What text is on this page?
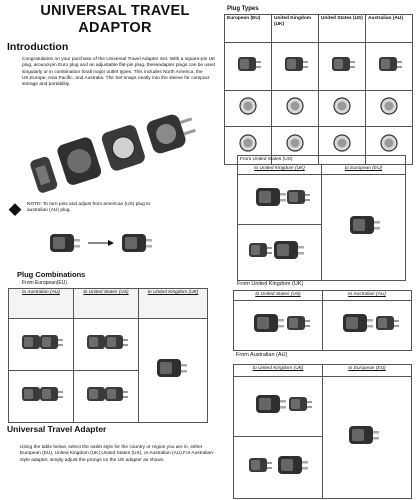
UNIVERSAL TRAVEL ADAPTOR
Introduction
Congratulation on your purchase of the Universal Travel Adapter Set. With a square-pin UK plug, around-pin Euro plug and an adjustable flat-pin plug, theseadapter plugs can be used singularly or in combination forall major outlet types. This includes North America, the UK,Europe, Asia Pacific, and Australia. The Set snaps neatly into the sleeve for compact storage and portability.
NOTE: To turn pins and adjust from american (US) plug to australian (AU) plug.
Plug Combinations
From European(EU)
to Australian (AU)	to United States (US)	to United Kingdom (UK)

Universal Travel Adapter
Using the table below, select the outlet style for the country or region you are in, either European (EU), United Kingdom (UK),United States (US), or Australian (AU).For Australian-style adapter, simply adjust the prongs on the US adapter as shown.
Plug Types
European (EU)	United Kingdom (UK)	United States (US)	Australian (AU)

From United States (US)	
to United Kingdom (UK)	to European (EU)

From United Kingdom (UK)
to United States (US)	to Australian (AU)

From Australian (AU)
to United Kingdom (UK)	to European (EU)
